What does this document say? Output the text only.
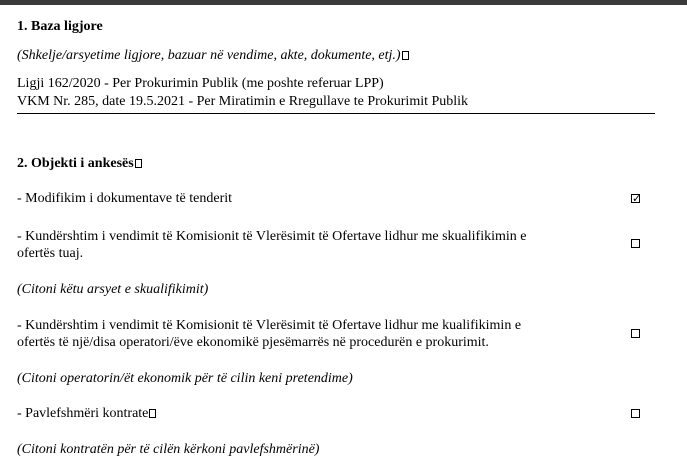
1. Baza ligjore
(Shkelje/arsyetime ligjore, bazuar në vendime, akte, dokumente, etj.)
Ligji 162/2020 - Per Prokurimin Publik (me poshte referuar LPP)
VKM Nr. 285, date 19.5.2021 - Per Miratimin e Rregullave te Prokurimit Publik
2. Objekti i ankesës
- Modifikim i dokumentave të tenderit	✓
- Kundërshtim i vendimit të Komisionit të Vlerësimit të Ofertave lidhur me skualifikimin e
ofertës tuaj.
(Citoni këtu arsyet e skualifikimit)
- Kundërshtim i vendimit të Komisionit të Vlerësimit të Ofertave lidhur me kualifikimin e
ofertës të një/disa operatori/ëve ekonomikë pjesëmarrës në procedurën e prokurimit.
(Citoni operatorin/ët ekonomik për të cilin keni pretendime)
- Pavlefshmëri kontrate
(Citoni kontratën për të cilën kërkoni pavlefshmërinë)
